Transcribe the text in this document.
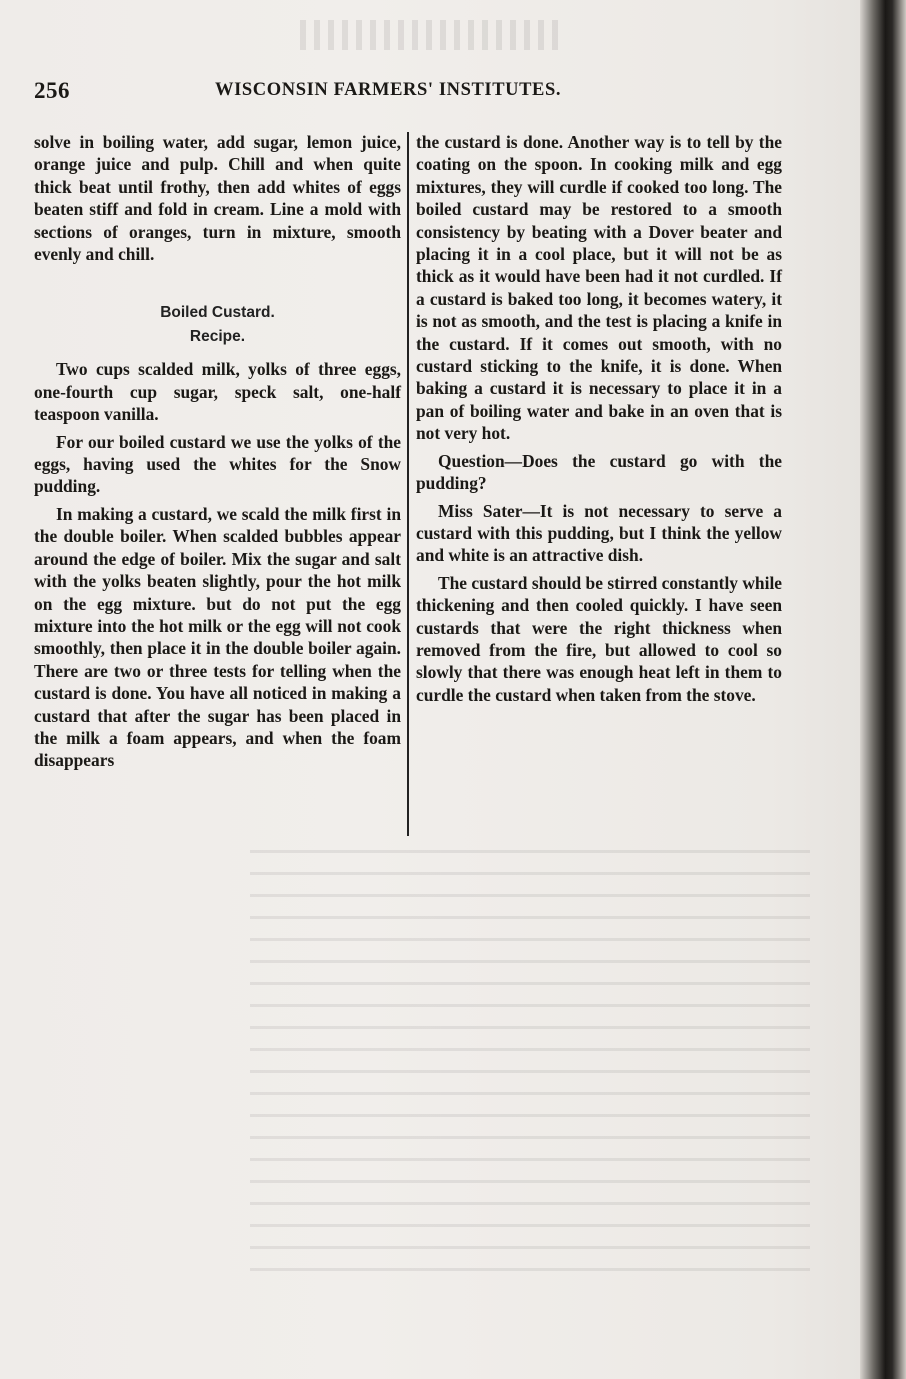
256	WISCONSIN FARMERS' INSTITUTES.

solve in boiling water, add sugar, lemon juice, orange juice and pulp. Chill and when quite thick beat until frothy, then add whites of eggs beaten stiff and fold in cream. Line a mold with sections of oranges, turn in mixture, smooth evenly and chill.

Boiled Custard.
Recipe.

Two cups scalded milk, yolks of three eggs, one-fourth cup sugar, speck salt, one-half teaspoon vanilla.

For our boiled custard we use the yolks of the eggs, having used the whites for the Snow pudding.

In making a custard, we scald the milk first in the double boiler. When scalded bubbles appear around the edge of boiler. Mix the sugar and salt with the yolks beaten slightly, pour the hot milk on the egg mixture. but do not put the egg mixture into the hot milk or the egg will not cook smoothly, then place it in the double boiler again. There are two or three tests for telling when the custard is done. You have all noticed in making a custard that after the sugar has been placed in the milk a foam appears, and when the foam disappears

the custard is done. Another way is to tell by the coating on the spoon. In cooking milk and egg mixtures, they will curdle if cooked too long. The boiled custard may be restored to a smooth consistency by beating with a Dover beater and placing it in a cool place, but it will not be as thick as it would have been had it not curdled. If a custard is baked too long, it becomes watery, it is not as smooth, and the test is placing a knife in the custard. If it comes out smooth, with no custard sticking to the knife, it is done. When baking a custard it is necessary to place it in a pan of boiling water and bake in an oven that is not very hot.

Question—Does the custard go with the pudding?

Miss Sater—It is not necessary to serve a custard with this pudding, but I think the yellow and white is an attractive dish.

The custard should be stirred constantly while thickening and then cooled quickly. I have seen custards that were the right thickness when removed from the fire, but allowed to cool so slowly that there was enough heat left in them to curdle the custard when taken from the stove.
